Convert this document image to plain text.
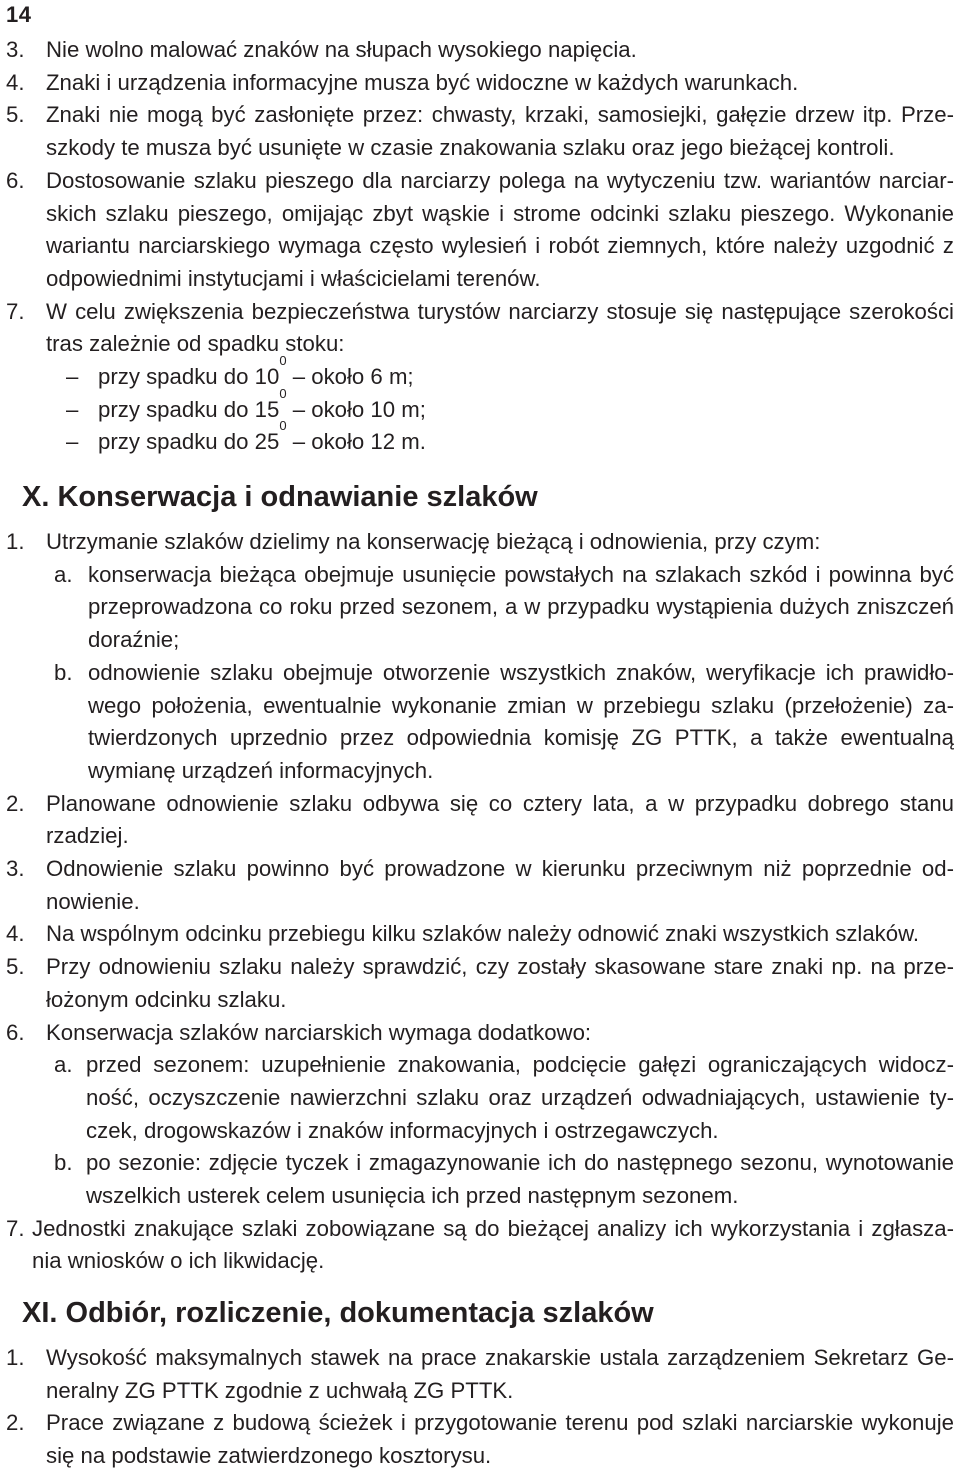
14
3. Nie wolno malować znaków na słupach wysokiego napięcia.
4. Znaki i urządzenia informacyjne musza być widoczne w każdych warunkach.
5. Znaki nie mogą być zasłonięte przez: chwasty, krzaki, samosiejki, gałęzie drzew itp. Przeszkody te musza być usunięte w czasie znakowania szlaku oraz jego bieżącej kontroli.
6. Dostosowanie szlaku pieszego dla narciarzy polega na wytyczeniu tzw. wariantów narciarskich szlaku pieszego, omijając zbyt wąskie i strome odcinki szlaku pieszego. Wykonanie wariantu narciarskiego wymaga często wylesień i robót ziemnych, które należy uzgodnić z odpowiednimi instytucjami i właścicielami terenów.
7. W celu zwiększenia bezpieczeństwa turystów narciarzy stosuje się następujące szerokości tras zależnie od spadku stoku:
– przy spadku do 10
0
– około 6 m;
– przy spadku do 15
0
– około 10 m;
– przy spadku do 25
0
– około 12 m.
X. Konserwacja i odnawianie szlaków
1. Utrzymanie szlaków dzielimy na konserwację bieżącą i odnowienia, przy czym:
a. konserwacja bieżąca obejmuje usunięcie powstałych na szlakach szkód i powinna być przeprowadzona co roku przed sezonem, a w przypadku wystąpienia dużych zniszczeń doraźnie;
b. odnowienie szlaku obejmuje otworzenie wszystkich znaków, weryfikacje ich prawidłowego położenia, ewentualnie wykonanie zmian w przebiegu szlaku (przełożenie) zatwierdzonych uprzednio przez odpowiednia komisję ZG PTTK, a także ewentualną wymianę urządzeń informacyjnych.
2. Planowane odnowienie szlaku odbywa się co cztery lata, a w przypadku dobrego stanu rzadziej.
3. Odnowienie szlaku powinno być prowadzone w kierunku przeciwnym niż poprzednie odnowienie.
4. Na wspólnym odcinku przebiegu kilku szlaków należy odnowić znaki wszystkich szlaków.
5. Przy odnowieniu szlaku należy sprawdzić, czy zostały skasowane stare znaki np. na przełożonym odcinku szlaku.
6. Konserwacja szlaków narciarskich wymaga dodatkowo:
a. przed sezonem: uzupełnienie znakowania, podcięcie gałęzi ograniczających widoczność, oczyszczenie nawierzchni szlaku oraz urządzeń odwadniających, ustawienie tyczek, drogowskazów i znaków informacyjnych i ostrzegawczych.
b. po sezonie: zdjęcie tyczek i zmagazynowanie ich do następnego sezonu, wynotowanie wszelkich usterek celem usunięcia ich przed następnym sezonem.
7. Jednostki znakujące szlaki zobowiązane są do bieżącej analizy ich wykorzystania i zgłaszania wniosków o ich likwidację.
XI. Odbiór, rozliczenie, dokumentacja szlaków
1. Wysokość maksymalnych stawek na prace znakarskie ustala zarządzeniem Sekretarz Generalny ZG PTTK zgodnie z uchwałą ZG PTTK.
2. Prace związane z budową ścieżek i przygotowanie terenu pod szlaki narciarskie wykonuje się na podstawie zatwierdzonego kosztorysu.
